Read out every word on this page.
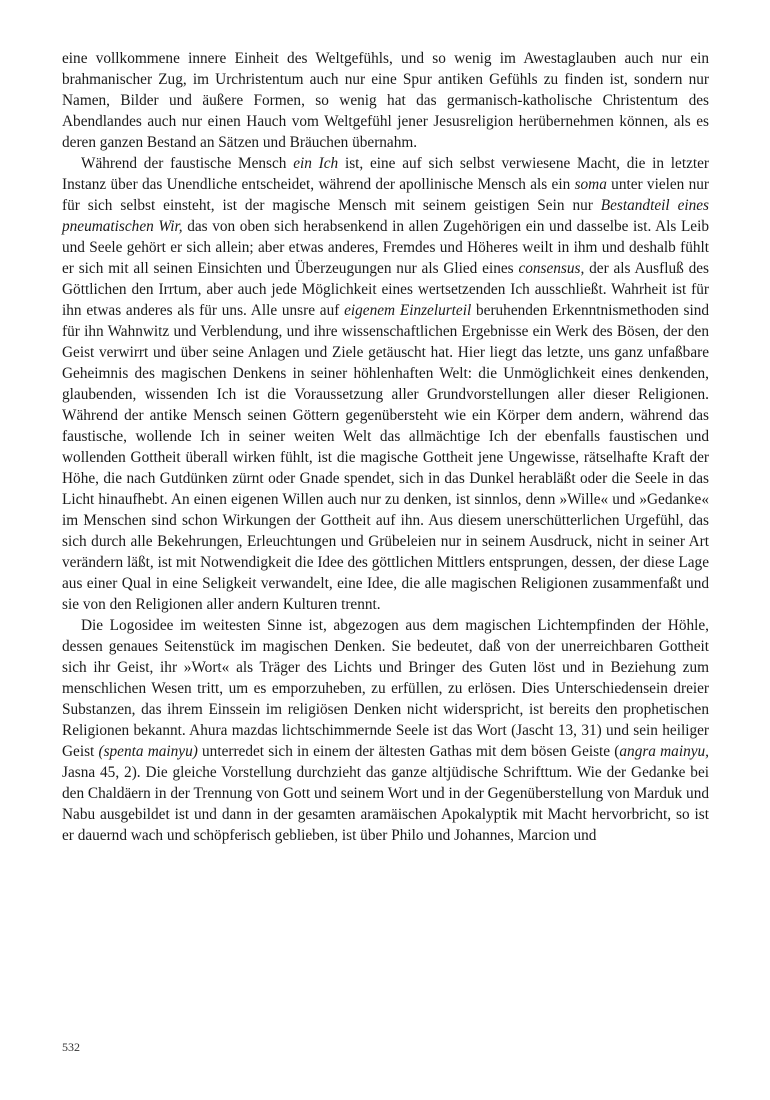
eine vollkommene innere Einheit des Weltgefühls, und so wenig im Awestaglauben auch nur ein brahmanischer Zug, im Urchristentum auch nur eine Spur antiken Gefühls zu finden ist, sondern nur Namen, Bilder und äußere Formen, so wenig hat das germanisch-katholische Christentum des Abendlandes auch nur einen Hauch vom Weltgefühl jener Jesusreligion herübernehmen können, als es deren ganzen Bestand an Sätzen und Bräuchen übernahm.

Während der faustische Mensch ein Ich ist, eine auf sich selbst verwiesene Macht, die in letzter Instanz über das Unendliche entscheidet, während der apollinische Mensch als ein soma unter vielen nur für sich selbst einsteht, ist der magische Mensch mit seinem geistigen Sein nur Bestandteil eines pneumatischen Wir, das von oben sich herabsenkend in allen Zugehörigen ein und dasselbe ist. Als Leib und Seele gehört er sich allein; aber etwas anderes, Fremdes und Höheres weilt in ihm und deshalb fühlt er sich mit all seinen Einsichten und Überzeugungen nur als Glied eines consensus, der als Ausfluß des Göttlichen den Irrtum, aber auch jede Möglichkeit eines wertsetzenden Ich ausschließt. Wahrheit ist für ihn etwas anderes als für uns. Alle unsre auf eigenem Einzelurteil beruhenden Erkenntnismethoden sind für ihn Wahnwitz und Verblendung, und ihre wissenschaftlichen Ergebnisse ein Werk des Bösen, der den Geist verwirrt und über seine Anlagen und Ziele getäuscht hat. Hier liegt das letzte, uns ganz unfaßbare Geheimnis des magischen Denkens in seiner höhlenhaften Welt: die Unmöglichkeit eines denkenden, glaubenden, wissenden Ich ist die Voraussetzung aller Grundvorstellungen aller dieser Religionen. Während der antike Mensch seinen Göttern gegenübersteht wie ein Körper dem andern, während das faustische, wollende Ich in seiner weiten Welt das allmächtige Ich der ebenfalls faustischen und wollenden Gottheit überall wirken fühlt, ist die magische Gottheit jene Ungewisse, rätselhafte Kraft der Höhe, die nach Gutdünken zürnt oder Gnade spendet, sich in das Dunkel herabläßt oder die Seele in das Licht hinaufhebt. An einen eigenen Willen auch nur zu denken, ist sinnlos, denn »Wille« und »Gedanke« im Menschen sind schon Wirkungen der Gottheit auf ihn. Aus diesem unerschütterlichen Urgefühl, das sich durch alle Bekehrungen, Erleuchtungen und Grübeleien nur in seinem Ausdruck, nicht in seiner Art verändern läßt, ist mit Notwendigkeit die Idee des göttlichen Mittlers entsprungen, dessen, der diese Lage aus einer Qual in eine Seligkeit verwandelt, eine Idee, die alle magischen Religionen zusammenfaßt und sie von den Religionen aller andern Kulturen trennt.

Die Logosidee im weitesten Sinne ist, abgezogen aus dem magischen Lichtempfinden der Höhle, dessen genaues Seitenstück im magischen Denken. Sie bedeutet, daß von der unerreichbaren Gottheit sich ihr Geist, ihr »Wort« als Träger des Lichts und Bringer des Guten löst und in Beziehung zum menschlichen Wesen tritt, um es emporzuheben, zu erfüllen, zu erlösen. Dies Unterschiedensein dreier Substanzen, das ihrem Einssein im religiösen Denken nicht widerspricht, ist bereits den prophetischen Religionen bekannt. Ahura mazdas lichtschimmernde Seele ist das Wort (Jascht 13, 31) und sein heiliger Geist (spenta mainyu) unterredet sich in einem der ältesten Gathas mit dem bösen Geiste (angra mainyu, Jasna 45, 2). Die gleiche Vorstellung durchzieht das ganze altjüdische Schrifttum. Wie der Gedanke bei den Chaldäern in der Trennung von Gott und seinem Wort und in der Gegenüberstellung von Marduk und Nabu ausgebildet ist und dann in der gesamten aramäischen Apokalyptik mit Macht hervorbricht, so ist er dauernd wach und schöpferisch geblieben, ist über Philo und Johannes, Marcion und

532
